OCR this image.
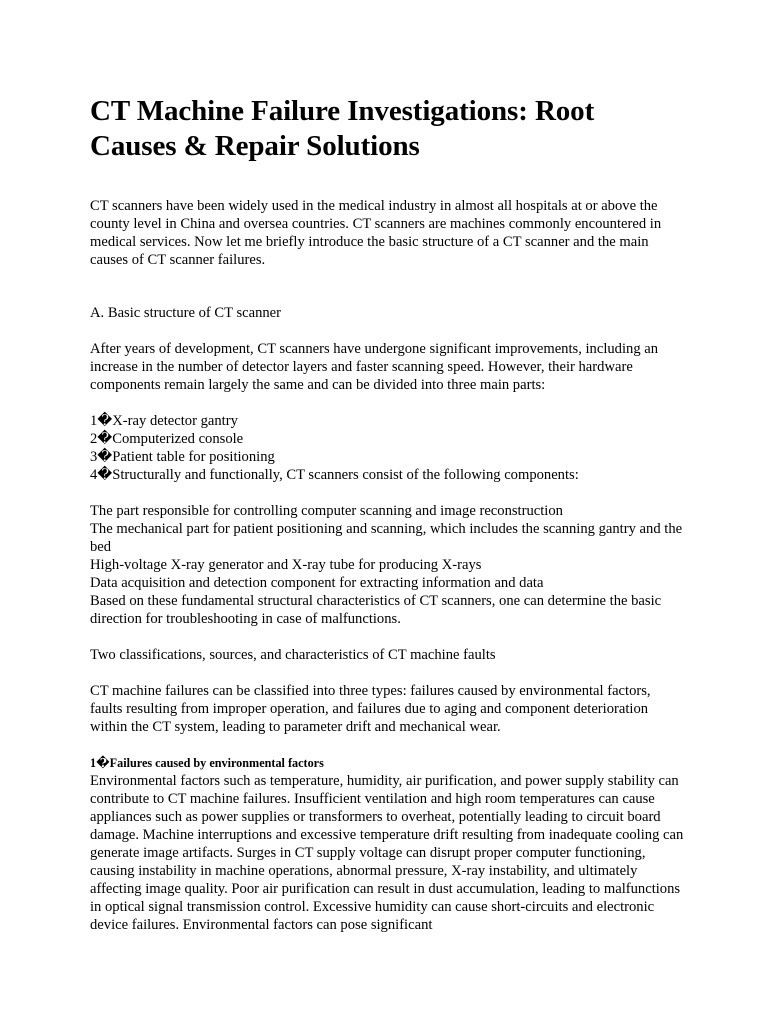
CT Machine Failure Investigations: Root Causes & Repair Solutions

CT scanners have been widely used in the medical industry in almost all hospitals at or above the county level in China and oversea countries. CT scanners are machines commonly encountered in medical services. Now let me briefly introduce the basic structure of a CT scanner and the main causes of CT scanner failures.

A. Basic structure of CT scanner

After years of development, CT scanners have undergone significant improvements, including an increase in the number of detector layers and faster scanning speed. However, their hardware components remain largely the same and can be divided into three main parts:

1�X-ray detector gantry
2�Computerized console
3�Patient table for positioning
4�Structurally and functionally, CT scanners consist of the following components:
The part responsible for controlling computer scanning and image reconstruction
The mechanical part for patient positioning and scanning, which includes the scanning gantry and the bed
High-voltage X-ray generator and X-ray tube for producing X-rays
Data acquisition and detection component for extracting information and data
Based on these fundamental structural characteristics of CT scanners, one can determine the basic direction for troubleshooting in case of malfunctions.

Two classifications, sources, and characteristics of CT machine faults

CT machine failures can be classified into three types: failures caused by environmental factors, faults resulting from improper operation, and failures due to aging and component deterioration within the CT system, leading to parameter drift and mechanical wear.

1�Failures caused by environmental factors

Environmental factors such as temperature, humidity, air purification, and power supply stability can contribute to CT machine failures. Insufficient ventilation and high room temperatures can cause appliances such as power supplies or transformers to overheat, potentially leading to circuit board damage. Machine interruptions and excessive temperature drift resulting from inadequate cooling can generate image artifacts. Surges in CT supply voltage can disrupt proper computer functioning, causing instability in machine operations, abnormal pressure, X-ray instability, and ultimately affecting image quality. Poor air purification can result in dust accumulation, leading to malfunctions in optical signal transmission control. Excessive humidity can cause short-circuits and electronic device failures. Environmental factors can pose significant
